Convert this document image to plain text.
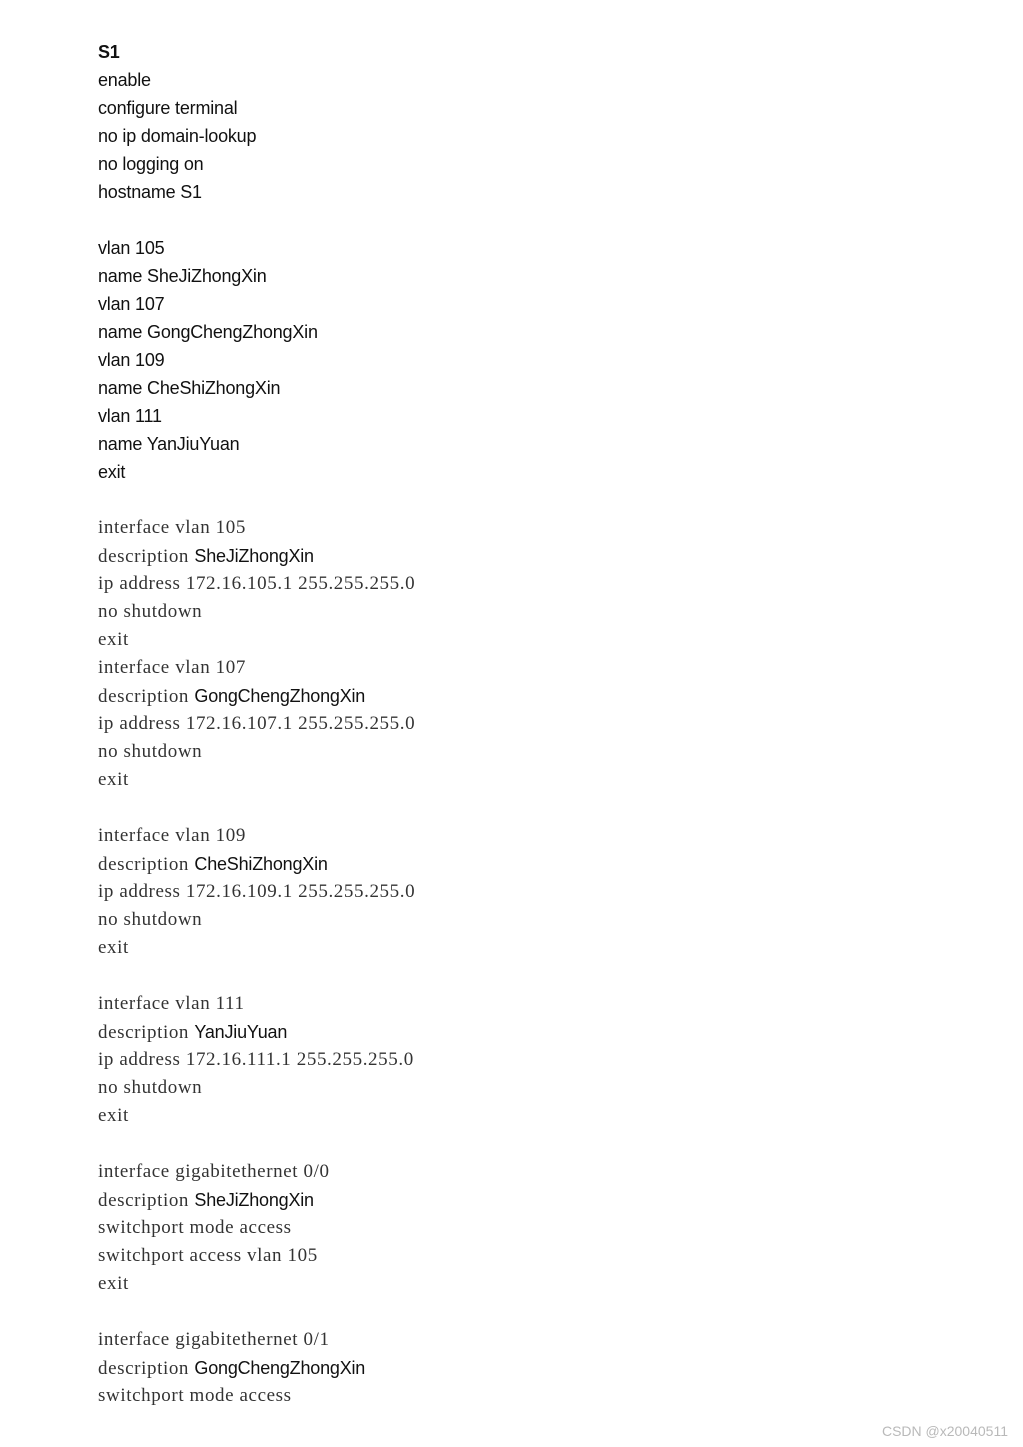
S1
enable
configure terminal
no ip domain-lookup
no logging on
hostname S1
vlan 105
name SheJiZhongXin
vlan 107
name GongChengZhongXin
vlan 109
name CheShiZhongXin
vlan 111
name YanJiuYuan
exit
interface vlan 105
description SheJiZhongXin
ip address 172.16.105.1 255.255.255.0
no shutdown
exit
interface vlan 107
description GongChengZhongXin
ip address 172.16.107.1 255.255.255.0
no shutdown
exit
interface vlan 109
description CheShiZhongXin
ip address 172.16.109.1 255.255.255.0
no shutdown
exit
interface vlan 111
description YanJiuYuan
ip address 172.16.111.1 255.255.255.0
no shutdown
exit
interface gigabitethernet 0/0
description SheJiZhongXin
switchport mode access
switchport access vlan 105
exit
interface gigabitethernet 0/1
description GongChengZhongXin
switchport mode access
CSDN @x20040511
